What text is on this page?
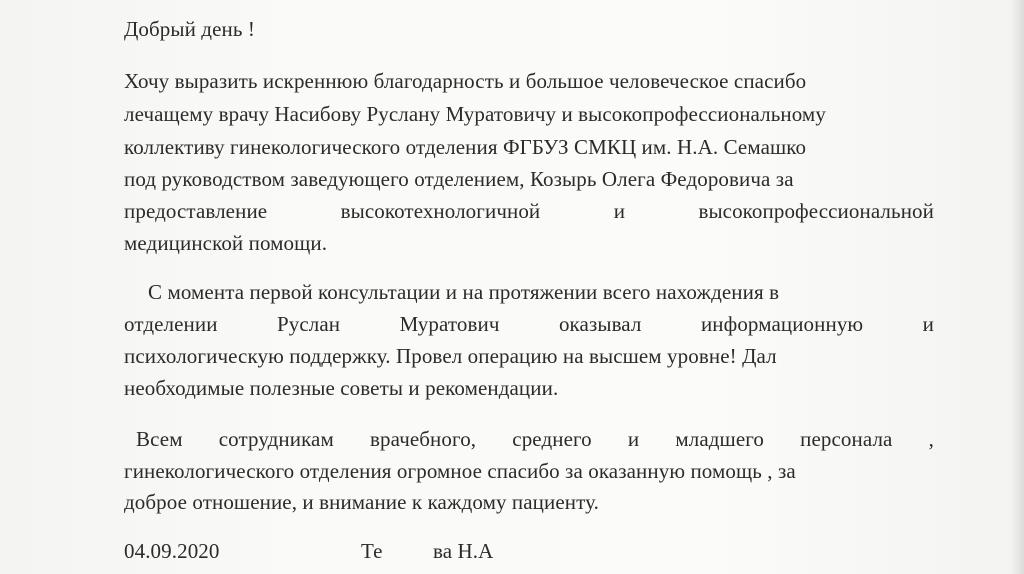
Добрый день !
Хочу выразить искреннюю благодарность и большое человеческое спасибо
лечащему врачу Насибову Руслану Муратовичу и высокопрофессиональному
коллективу гинекологического отделения ФГБУЗ СМКЦ им. Н.А. Семашко
под руководством заведующего отделением, Козырь Олега Федоровича за
предоставление	высокотехнологичной	и	высокопрофессиональной
медицинской помощи.
С момента первой консультации и на протяжении всего нахождения в
отделении	Руслан	Муратович	оказывал	информационную	и
психологическую поддержку. Провел операцию на высшем уровне! Дал
необходимые полезные советы и рекомендации.
Всем сотрудникам врачебного, среднего и младшего персонала ,
гинекологического отделения огромное спасибо за оказанную помощь , за
доброе отношение, и внимание к каждому пациенту.
04.09.2020	Те ва Н.А
